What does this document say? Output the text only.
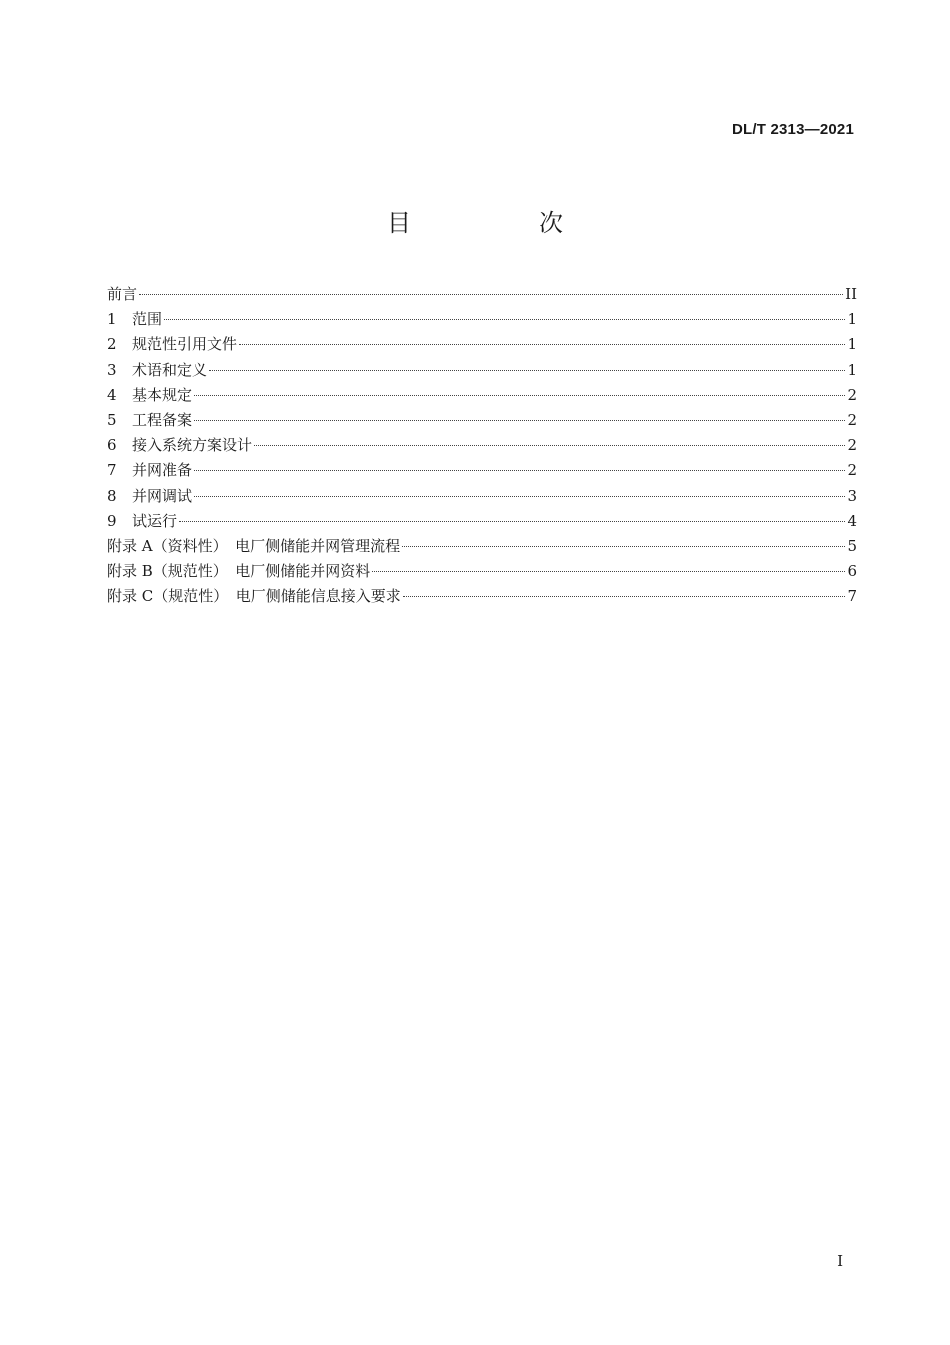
DL/T 2313—2021
目　次
前言	II
1	范围	1
2	规范性引用文件	1
3	术语和定义	1
4	基本规定	2
5	工程备案	2
6	接入系统方案设计	2
7	并网准备	2
8	并网调试	3
9	试运行	4
附录 A（资料性）　电厂侧储能并网管理流程	5
附录 B（规范性）　电厂侧储能并网资料	6
附录 C（规范性）　电厂侧储能信息接入要求	7
I
